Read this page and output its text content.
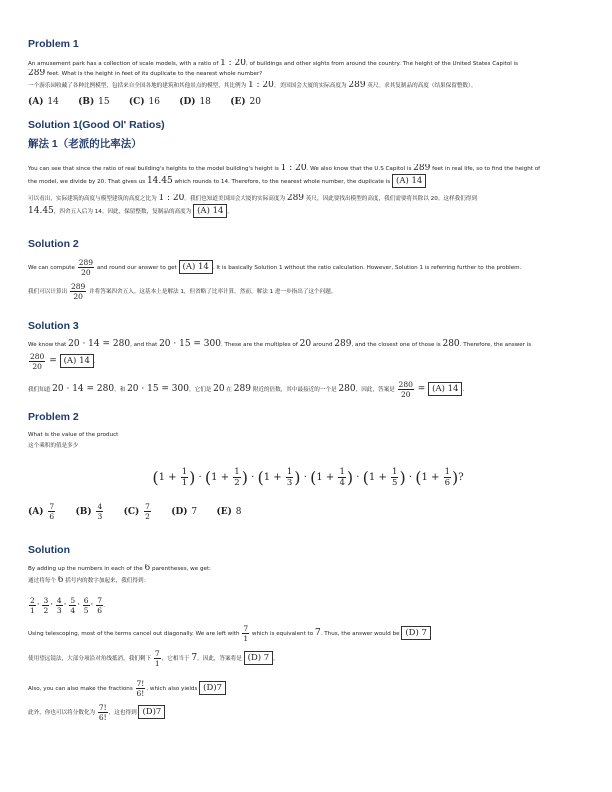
Problem 1

An amusement park has a collection of scale models, with a ratio of 1 : 20, of buildings and other sights from around the country. The height of the United States Capitol is

289 feet. What is the height in feet of its duplicate to the nearest whole number?

一个游乐园收藏了各种比例模型，包括来自全国各地的建筑和其他景点的模型，其比例为 1 : 20。美国国会大厦的实际高度为 289 英尺。求其复制品的高度（结果保留整数）。

(A) 14 (B) 15 (C) 16 (D) 18 (E) 20

Solution 1(Good Ol' Ratios)

解法 1（老派的比率法）

You can see that since the ratio of real building's heights to the model building's height is 1 : 20. We also know that the U.S Capitol is 289 feet in real life, so to find the height of

the model, we divide by 20. That gives us 14.45 which rounds to 14. Therefore, to the nearest whole number, the duplicate is (A) 14

可以看出，实际建筑的高度与模型建筑的高度之比为 1 : 20。我们也知道美国国会大厦的实际高度为 289 英尺，因此要找出模型的高度，我们需要将其除以 20。这样我们得到

14.45，四舍五入后为 14。因此，保留整数，复制品的高度为 (A) 14 。

Solution 2

We can compute $\frac{289}{20}$ and round our answer to get (A) 14 . It is basically Solution 1 without the ratio calculation. However, Solution 1 is referring further to the problem.

我们可以计算出 $\frac{289}{20}$ 并将答案四舍五入。这基本上是解法 1，但省略了比率计算。然而，解法 1 进一步指出了这个问题。

Solution 3

We know that 20 · 14 = 280, and that 20 · 15 = 300. These are the multiples of 20 around 289, and the closest one of those is 280. Therefore, the answer is

$\frac{280}{20} = (A)$ 14 .

我们知道 20 · 14 = 280，和 20 · 15 = 300，它们是 20 在 289 附近的倍数，其中最接近的一个是 280，因此，答案是 $\frac{280}{20} = (A)$ 14 .

Problem 2

What is the value of the product

这个乘积的值是多少

($1 + \frac{1}{1}$ ) · ($1 + \frac{1}{2}$ ) · ($1 + \frac{1}{3}$ ) · ($1 + \frac{1}{4}$ ) · ($1 + \frac{1}{5}$ ) · ($1 + \frac{1}{6}$ )?

$(A) \frac{7}{6} (B) \frac{4}{3} (C) \frac{7}{2} (D)$ 7 (E) 8

Solution

By adding up the numbers in each of the 6 parentheses, we get:

通过将每个 6 括号内的数字加起来，我们得到：

$\frac{2}{1} \cdot \frac{3}{2} \cdot \frac{4}{3} \cdot \frac{5}{4} \cdot \frac{6}{5} \cdot \frac{7}{6}$ .

Using telescoping, most of the terms cancel out diagonally. We are left with $\frac{7}{1}$ which is equivalent to 7. Thus, the answer would be (D) 7

使用望远镜法，大部分项沿对角线抵消。我们剩下 $\frac{7}{1}$ ，它相当于 7。因此，答案将是 (D) 7 。

Also, you can also make the fractions $\frac{7!}{6!}$ , which also yields (D)7

此外，你也可以将分数化为 $\frac{7!}{6!}$ ，这也得到 (D)7
